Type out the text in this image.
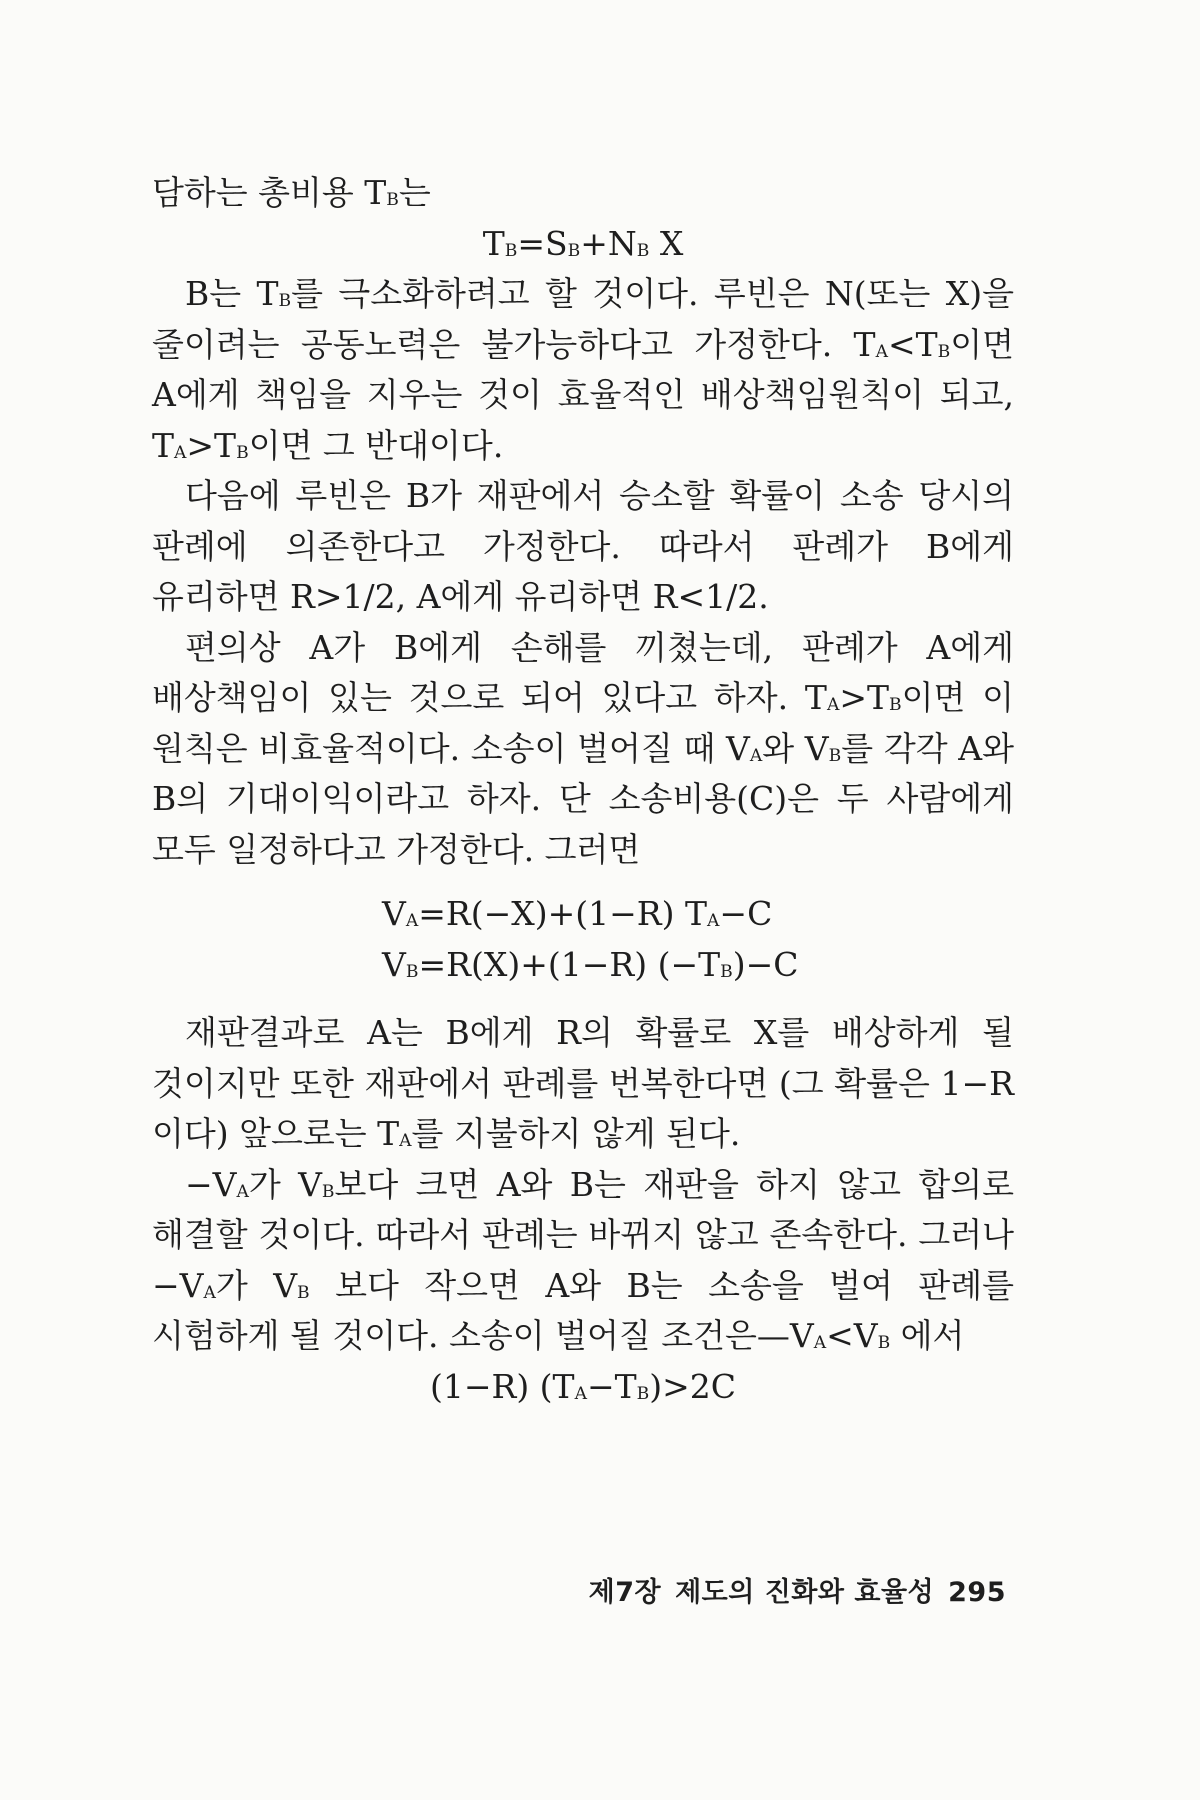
담하는 총비용 $T_B$는

$T_B=S_B+N_B$ X

B는 $T_B$를 극소화하려고 할 것이다. 루빈은 N(또는 X)을 줄이려는 공동노력은 불가능하다고 가정한다. $T_A<T_B$이면 A에게 책임을 지우는 것이 효율적인 배상책임원칙이 되고, $T_A>T_B$이면 그 반대이다.

다음에 루빈은 B가 재판에서 승소할 확률이 소송 당시의 판례에 의존한다고 가정한다. 따라서 판례가 B에게 유리하면 R>1/2, A에게 유리하면 R<1/2.

편의상 A가 B에게 손해를 끼쳤는데, 판례가 A에게 배상책임이 있는 것으로 되어 있다고 하자. $T_A>T_B$이면 이 원칙은 비효율적이다. 소송이 벌어질 때 $V_A$와 $V_B$를 각각 A와 B의 기대이익이라고 하자. 단 소송비용(C)은 두 사람에게 모두 일정하다고 가정한다. 그러면

$V_A=R(-X)+(1-R)$ $T_A-C$

$V_B=R(X)+(1-R)$ $(-T_B)-C$

재판결과로 A는 B에게 R의 확률로 X를 배상하게 될 것이지만 또한 재판에서 판례를 번복한다면 (그 확률은 1−R 이다) 앞으로는 $T_A$를 지불하지 않게 된다.

$-V_A$가 $V_B$보다 크면 A와 B는 재판을 하지 않고 합의로 해결할 것이다. 따라서 판례는 바뀌지 않고 존속한다. 그러나 $-V_A$가 $V_B$ 보다 작으면 A와 B는 소송을 벌여 판례를 시험하게 될 것이다. 소송이 벌어질 조건은$—V_A<V_B$ 에서

(1−R) $(T_A-T_B)>2C$

제7장 제도의 진화와 효율성 295
